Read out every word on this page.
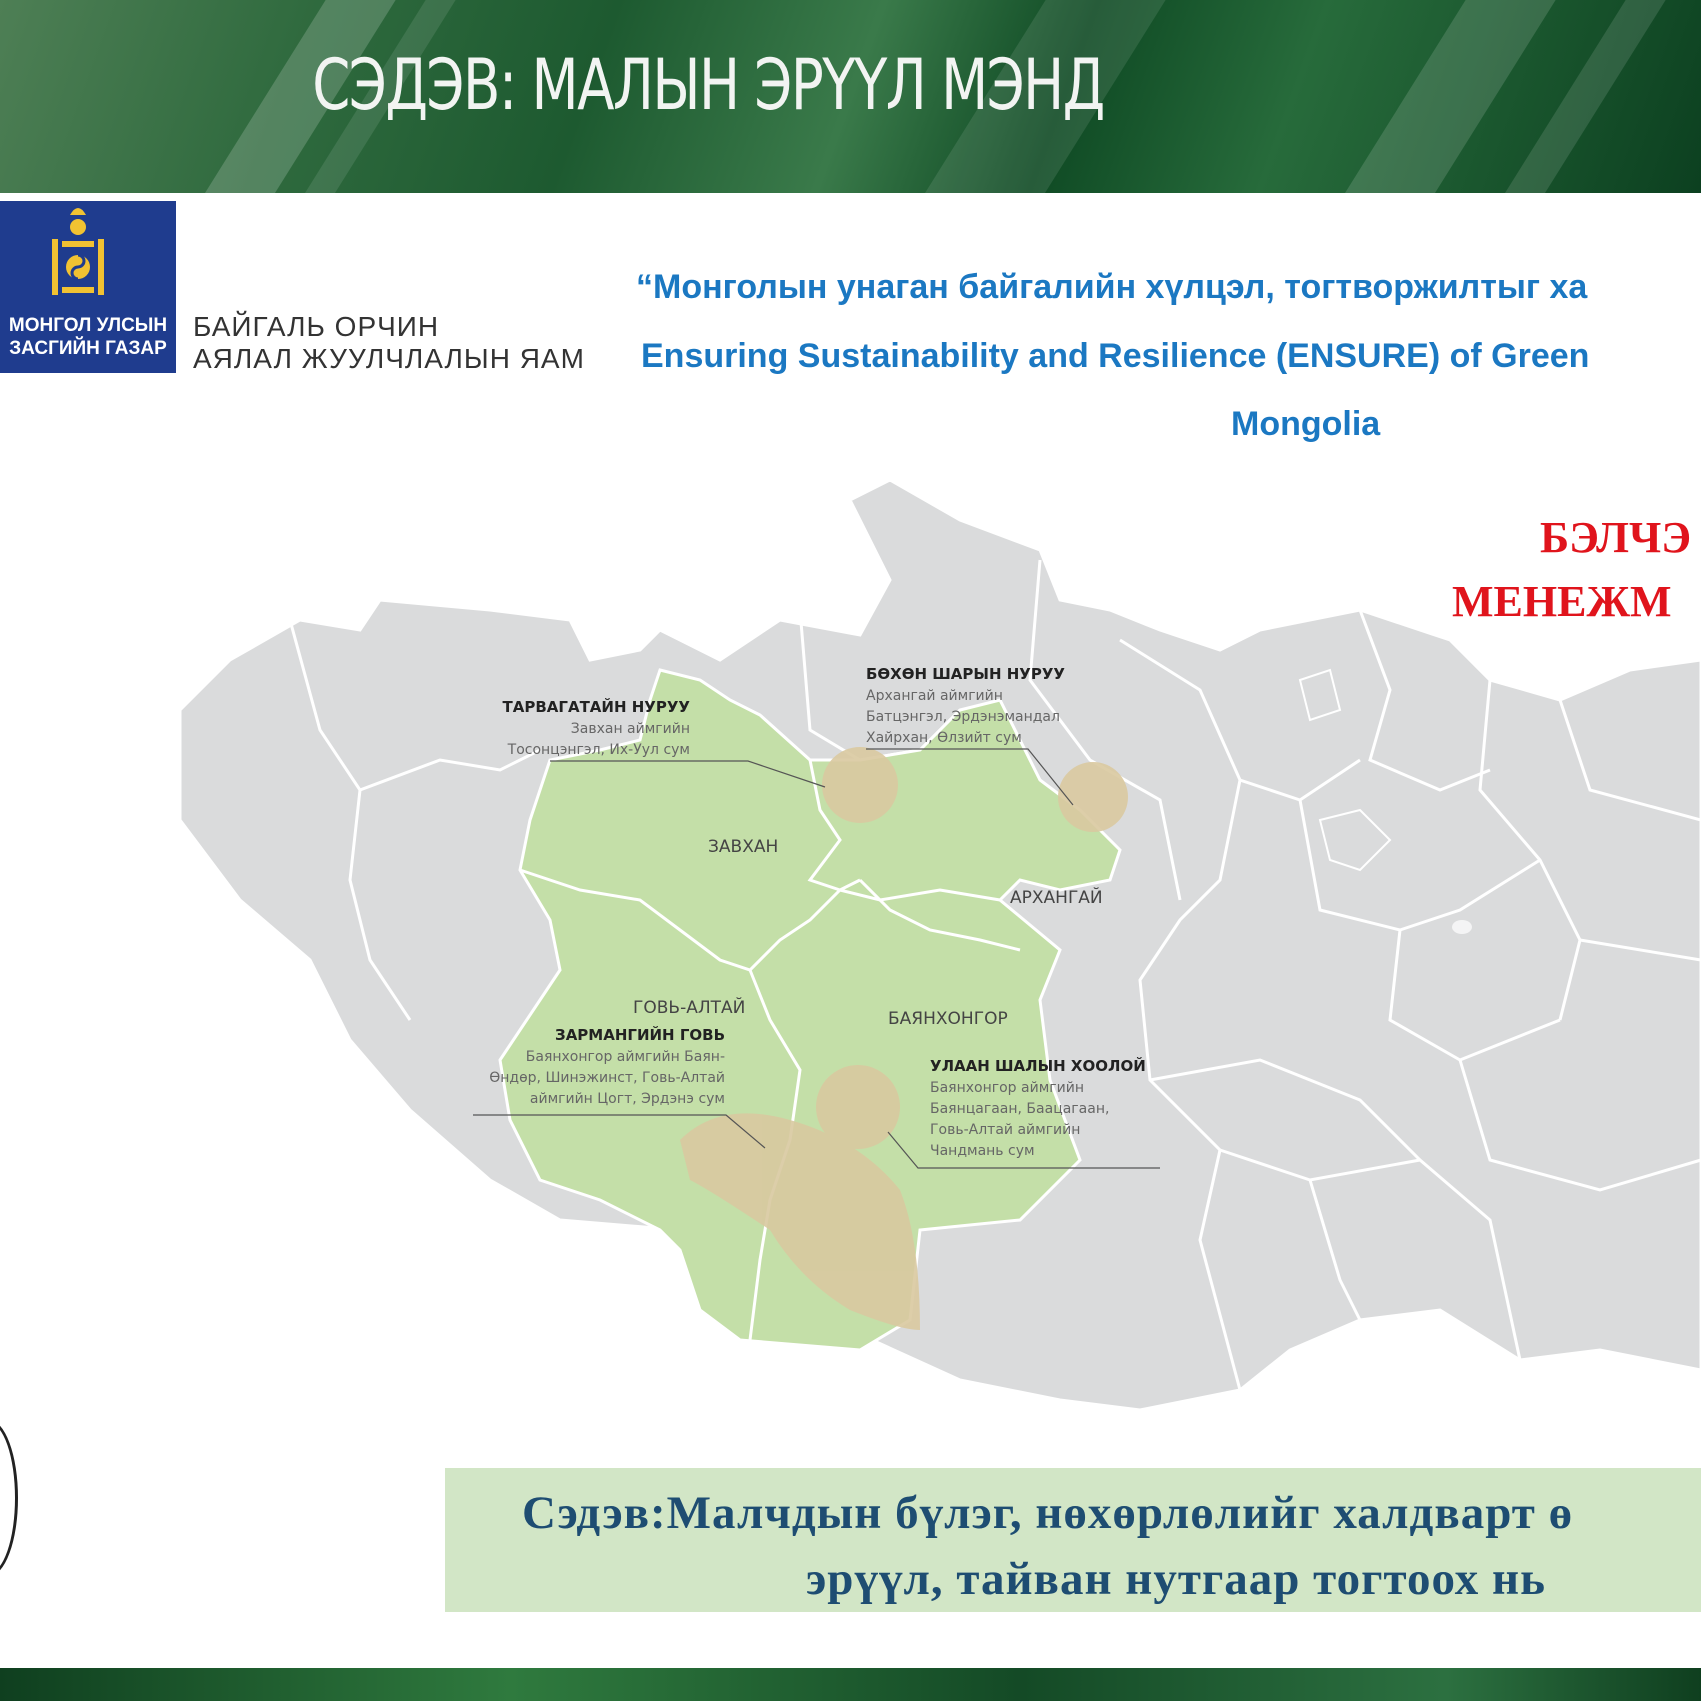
СЭДЭВ: МАЛЫН ЭРҮҮЛ МЭНД
МОНГОЛ УЛСЫН
ЗАСГИЙН ГАЗАР
БАЙГАЛЬ ОРЧИН
АЯЛАЛ ЖУУЛЧЛАЛЫН ЯАМ
“Монголын унаган байгалийн хүлцэл, тогтворжилтыг ха
Ensuring Sustainability and Resilience (ENSURE) of Green
Mongolia
ЗАВХАН
АРХАНГАЙ
ГОВЬ-АЛТАЙ
БАЯНХОНГОР
ТАРВАГАТАЙН НУРУУ
Завхан аймгийн
Тосонцэнгэл, Их-Уул сум
БӨХӨН ШАРЫН НУРУУ
Архангай аймгийн
Батцэнгэл, Эрдэнэмандал
Хайрхан, Өлзийт сум
ЗАРМАНГИЙН ГОВЬ
Баянхонгор аймгийн Баян-
Өндөр, Шинэжинст, Говь-Алтай
аймгийн Цогт, Эрдэнэ сум
УЛААН ШАЛЫН ХООЛОЙ
Баянхонгор аймгийн
Баянцагаан, Баацагаан,
Говь-Алтай аймгийн
Чандмань сум
БЭЛЧЭ
МЕНЕЖМ
Сэдэв:Малчдын бүлэг, нөхөрлөлийг халдварт ө
эрүүл, тайван нутгаар тогтоох нь
